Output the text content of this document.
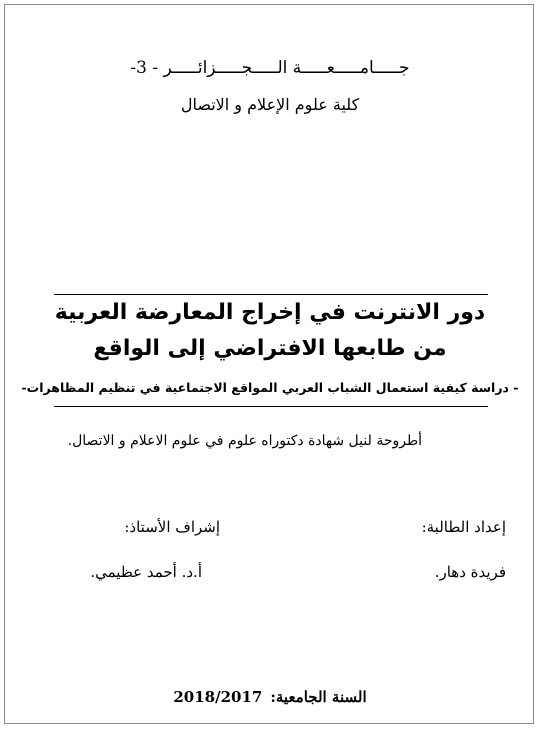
جـــــامـــــعـــــة الـــــجـــــزائـــــر - 3-
كلية علوم الإعلام و الاتصال
دور الانترنت في إخراج المعارضة العربية
من طابعها الافتراضي إلى الواقع
- دراسة كيفية استعمال الشباب العربي المواقع الاجتماعية في تنظيم المظاهرات-
أطروحة لنيل شهادة دكتوراه علوم في علوم الاعلام و الاتصال.
إعداد الطالبة:
إشراف الأستاذ:
فريدة دهار.
أ.د. أحمد عظيمي.
السنة الجامعية:2018/2017
